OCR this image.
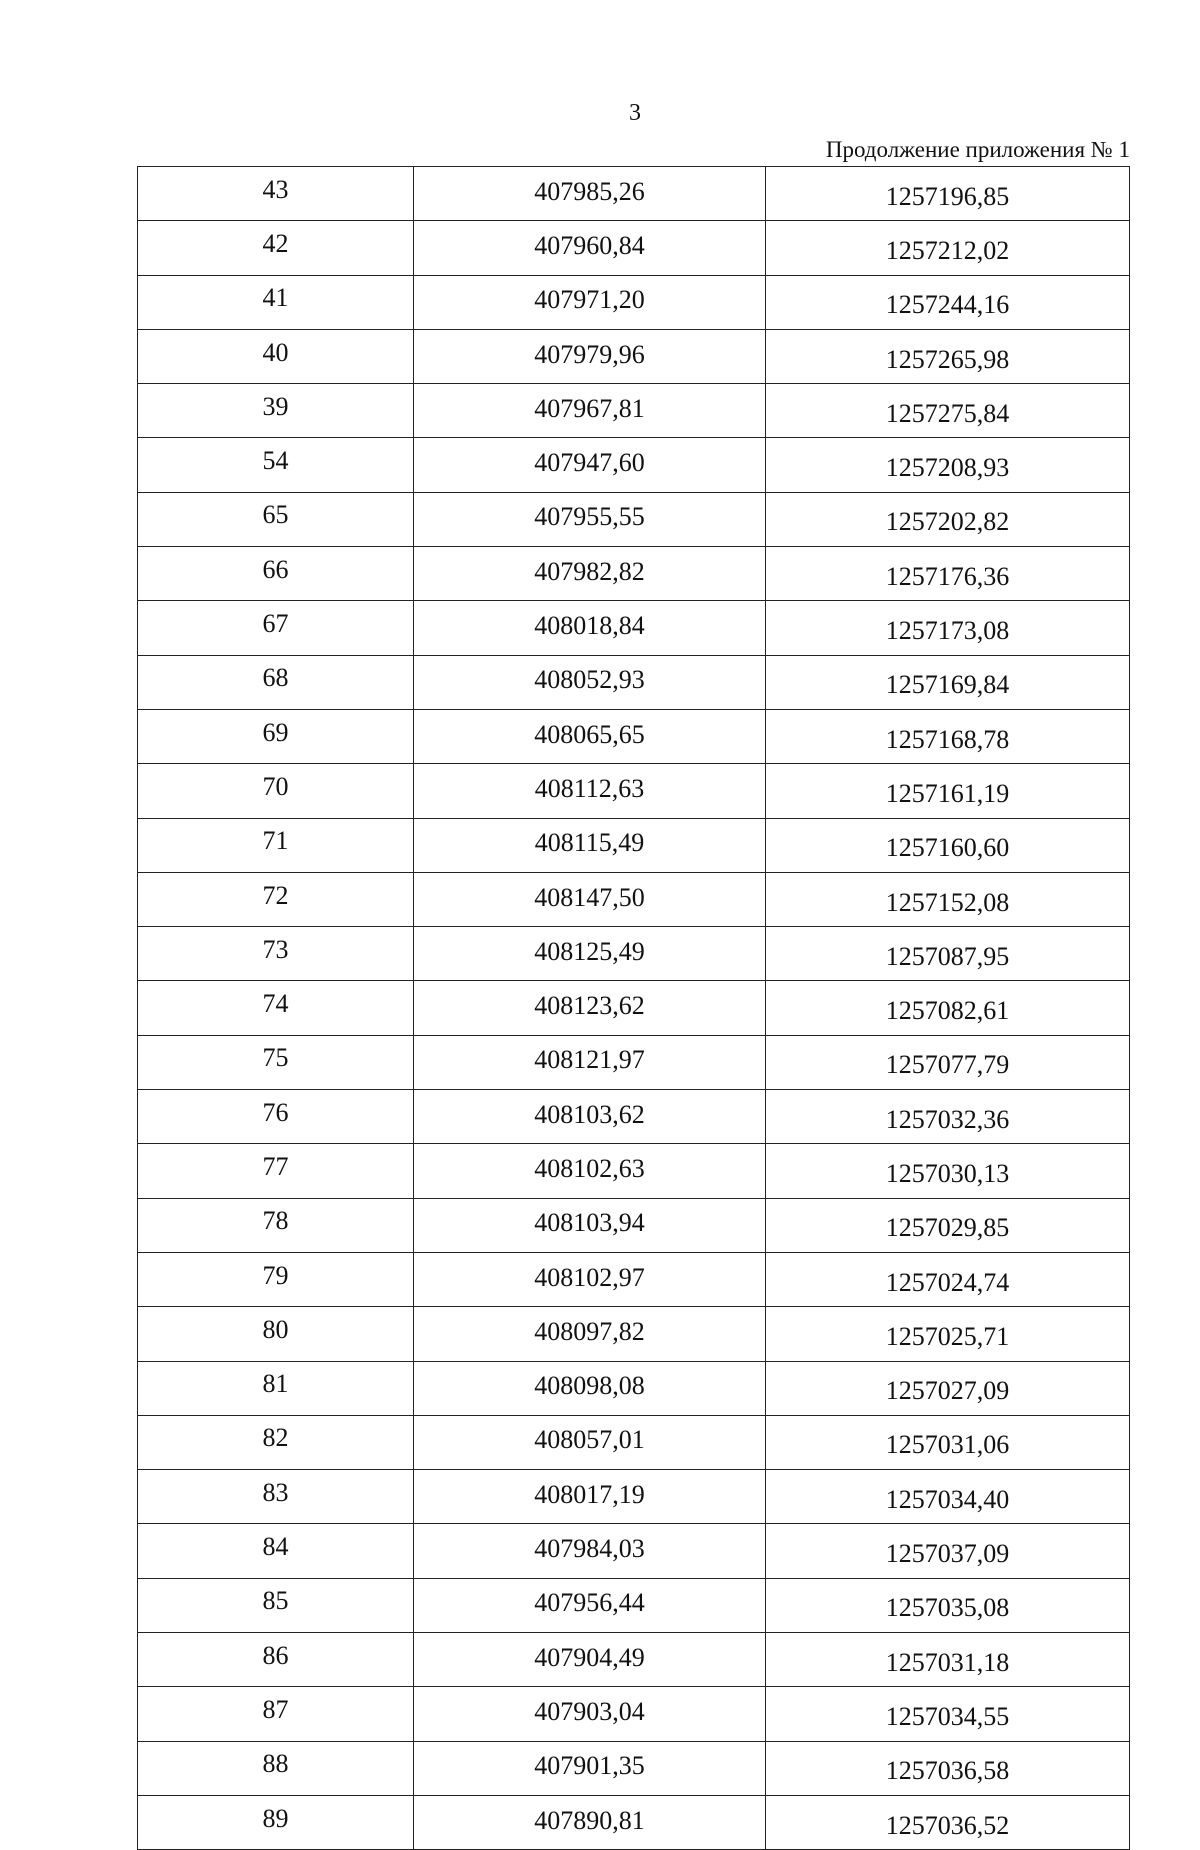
3
Продолжение приложения № 1
43	407985,26	1257196,85
42	407960,84	1257212,02
41	407971,20	1257244,16
40	407979,96	1257265,98
39	407967,81	1257275,84
54	407947,60	1257208,93
65	407955,55	1257202,82
66	407982,82	1257176,36
67	408018,84	1257173,08
68	408052,93	1257169,84
69	408065,65	1257168,78
70	408112,63	1257161,19
71	408115,49	1257160,60
72	408147,50	1257152,08
73	408125,49	1257087,95
74	408123,62	1257082,61
75	408121,97	1257077,79
76	408103,62	1257032,36
77	408102,63	1257030,13
78	408103,94	1257029,85
79	408102,97	1257024,74
80	408097,82	1257025,71
81	408098,08	1257027,09
82	408057,01	1257031,06
83	408017,19	1257034,40
84	407984,03	1257037,09
85	407956,44	1257035,08
86	407904,49	1257031,18
87	407903,04	1257034,55
88	407901,35	1257036,58
89	407890,81	1257036,52
